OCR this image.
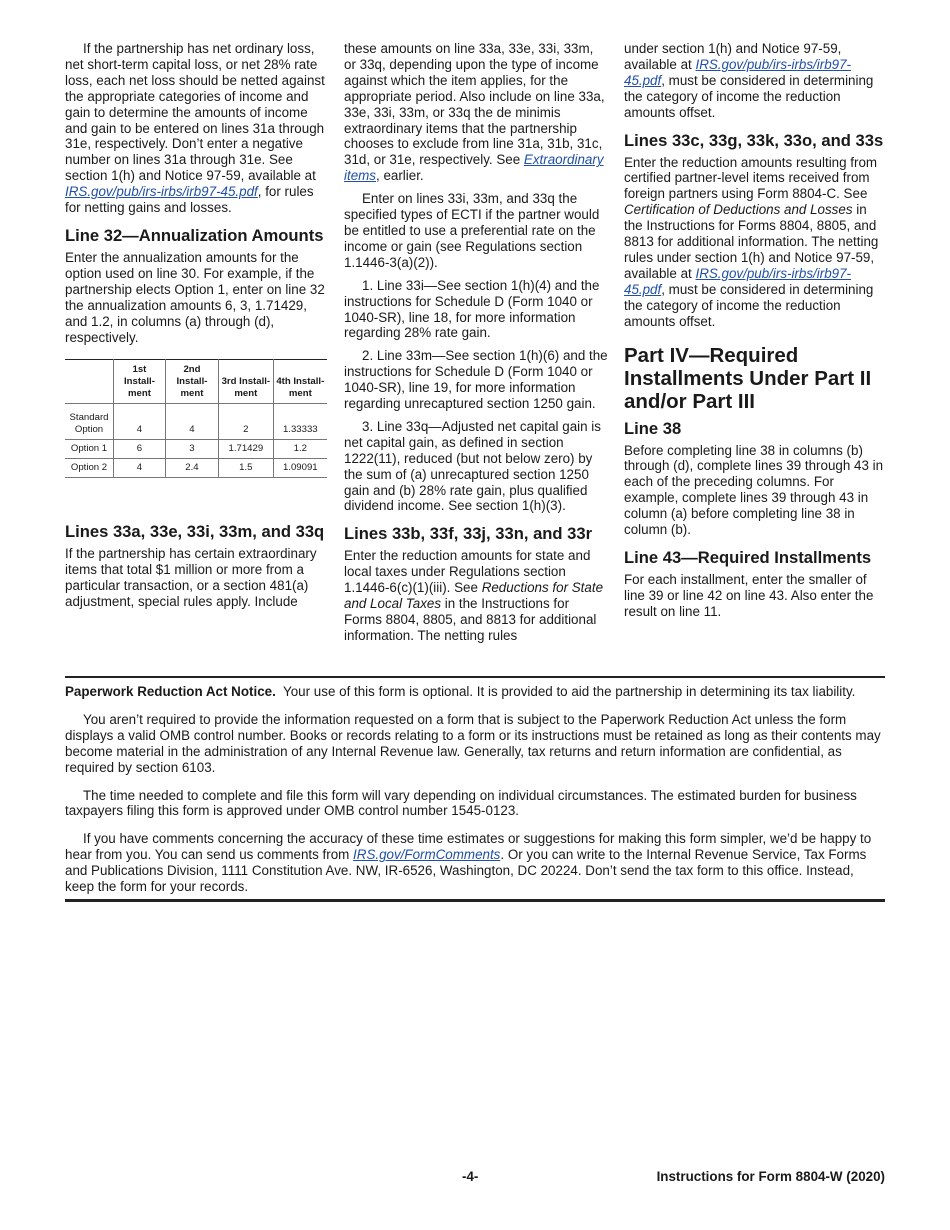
If the partnership has net ordinary loss, net short-term capital loss, or net 28% rate loss, each net loss should be netted against the appropriate categories of income and gain to determine the amounts of income and gain to be entered on lines 31a through 31e, respectively. Don’t enter a negative number on lines 31a through 31e. See section 1(h) and Notice 97-59, available at IRS.gov/pub/irs-irbs/irb97-45.pdf, for rules for netting gains and losses.

Line 32—Annualization Amounts

Enter the annualization amounts for the option used on line 30. For example, if the partnership elects Option 1, enter on line 32 the annualization amounts 6, 3, 1.71429, and 1.2, in columns (a) through (d), respectively.

	1st Install-ment	2nd Install-ment	3rd Install-ment	4th Install-ment
Standard Option	4	4	2	1.33333
Option 1	6	3	1.71429	1.2
Option 2	4	2.4	1.5	1.09091
Lines 33a, 33e, 33i, 33m, and 33q

If the partnership has certain extraordinary items that total $1 million or more from a particular transaction, or a section 481(a) adjustment, special rules apply. Include

these amounts on line 33a, 33e, 33i, 33m, or 33q, depending upon the type of income against which the item applies, for the appropriate period. Also include on line 33a, 33e, 33i, 33m, or 33q the de minimis extraordinary items that the partnership chooses to exclude from line 31a, 31b, 31c, 31d, or 31e, respectively. See Extraordinary items, earlier.

Enter on lines 33i, 33m, and 33q the specified types of ECTI if the partner would be entitled to use a preferential rate on the income or gain (see Regulations section 1.1446-3(a)(2)).

1. Line 33i—See section 1(h)(4) and the instructions for Schedule D (Form 1040 or 1040-SR), line 18, for more information regarding 28% rate gain.

2. Line 33m—See section 1(h)(6) and the instructions for Schedule D (Form 1040 or 1040-SR), line 19, for more information regarding unrecaptured section 1250 gain.

3. Line 33q—Adjusted net capital gain is net capital gain, as defined in section 1222(11), reduced (but not below zero) by the sum of (a) unrecaptured section 1250 gain and (b) 28% rate gain, plus qualified dividend income. See section 1(h)(3).

Lines 33b, 33f, 33j, 33n, and 33r

Enter the reduction amounts for state and local taxes under Regulations section 1.1446-6(c)(1)(iii). See Reductions for State and Local Taxes in the Instructions for Forms 8804, 8805, and 8813 for additional information. The netting rules

under section 1(h) and Notice 97-59, available at IRS.gov/pub/irs-irbs/irb97-45.pdf, must be considered in determining the category of income the reduction amounts offset.

Lines 33c, 33g, 33k, 33o, and 33s

Enter the reduction amounts resulting from certified partner-level items received from foreign partners using Form 8804-C. See Certification of Deductions and Losses in the Instructions for Forms 8804, 8805, and 8813 for additional information. The netting rules under section 1(h) and Notice 97-59, available at IRS.gov/pub/irs-irbs/irb97-45.pdf, must be considered in determining the category of income the reduction amounts offset.

Part IV—Required Installments Under Part II and/or Part III
Line 38

Before completing line 38 in columns (b) through (d), complete lines 39 through 43 in each of the preceding columns. For example, complete lines 39 through 43 in column (a) before completing line 38 in column (b).

Line 43—Required Installments

For each installment, enter the smaller of line 39 or line 42 on line 43. Also enter the result on line 11.

Paperwork Reduction Act Notice. Your use of this form is optional. It is provided to aid the partnership in determining its tax liability.

You aren’t required to provide the information requested on a form that is subject to the Paperwork Reduction Act unless the form displays a valid OMB control number. Books or records relating to a form or its instructions must be retained as long as their contents may become material in the administration of any Internal Revenue law. Generally, tax returns and return information are confidential, as required by section 6103.

The time needed to complete and file this form will vary depending on individual circumstances. The estimated burden for business taxpayers filing this form is approved under OMB control number 1545-0123.

If you have comments concerning the accuracy of these time estimates or suggestions for making this form simpler, we’d be happy to hear from you. You can send us comments from IRS.gov/FormComments. Or you can write to the Internal Revenue Service, Tax Forms and Publications Division, 1111 Constitution Ave. NW, IR-6526, Washington, DC 20224. Don’t send the tax form to this office. Instead, keep the form for your records.

-4-	Instructions for Form 8804-W (2020)
